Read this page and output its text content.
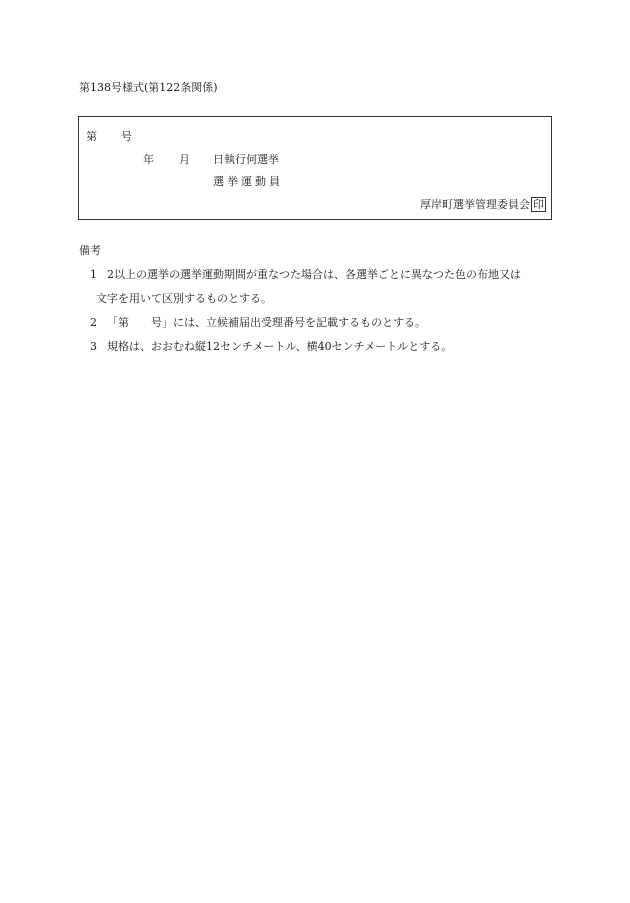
第138号様式(第122条関係)
第 号
年 月 日執行何選挙
選挙運動員
厚岸町選挙管理委員会 印
備考
1 2以上の選挙の選挙運動期間が重なつた場合は、各選挙ごとに異なつた色の布地又は
文字を用いて区別するものとする。
2 「第　　号」には、立候補届出受理番号を記載するものとする。
3 規格は、おおむね縦12センチメートル、横40センチメートルとする。
